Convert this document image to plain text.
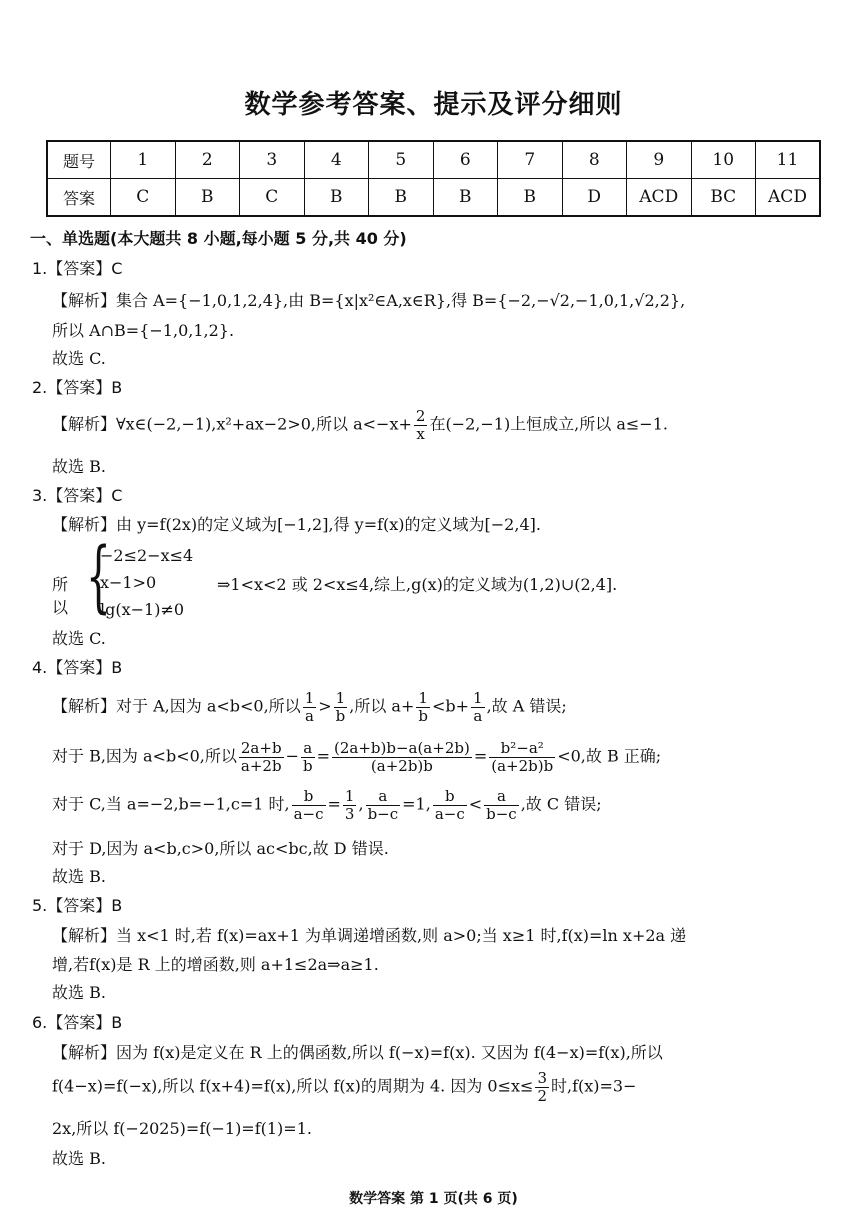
数学参考答案、提示及评分细则
题号	1	2	3	4	5	6	7	8	9	10	11
答案	C	B	C	B	B	B	B	D	ACD	BC	ACD
一、单选题(本大题共 8 小题,每小题 5 分,共 40 分)
1.【答案】C
【解析】集合 A={−1,0,1,2,4},由 B={x|x²∈A,x∈R},得 B={−2,−√2,−1,0,1,√2,2},
所以 A∩B={−1,0,1,2}.
故选 C.
2.【答案】B
【解析】∀x∈(−2,−1),x²+ax−2>0,所以 $a<-x+ \frac{2}{x}$ 在(−2,−1)上恒成立,所以 a≤−1.
故选 B.
3.【答案】C
【解析】由 y=f(2x)的定义域为[−1,2],得 y=f(x)的定义域为[−2,4].
所以 {
−2≤2−x≤4
x−1>0
lg(x−1)≠0
⇒1<x<2 或 2<x≤4,综上,g(x)的定义域为(1,2)∪(2,4].
故选 C.
4.【答案】B
【解析】对于 A,因为 a<b<0,所以 $\frac{1}{a} > \frac{1}{b}$ ,所以 $a+ \frac{1}{b} <b+ \frac{1}{a}$ ,故 A 错误;
对于 B,因为 a<b<0,所以 $\frac{2a+b}{a+2b} - \frac{a}{b} = \frac{(2a+b)b-a(a+2b)}{(a+2b)b} = \frac{\text{b²−a²}}{(a+2b)b} <0$,故 B 正确;
对于 C,当 a=−2,b=−1,c=1 时, $\frac{b}{a-c} = \frac{1}{3}$ , $\frac{a}{b-c} =1$, $\frac{b}{a-c} < \frac{a}{b-c}$ ,故 C 错误;
对于 D,因为 a<b,c>0,所以 ac<bc,故 D 错误.
故选 B.
5.【答案】B
【解析】当 x<1 时,若 f(x)=ax+1 为单调递增函数,则 a>0;当 x≥1 时,f(x)=ln x+2a 递
增,若f(x)是 R 上的增函数,则 a+1≤2a⇒a≥1.
故选 B.
6.【答案】B
【解析】因为 f(x)是定义在 R 上的偶函数,所以 f(−x)=f(x). 又因为 f(4−x)=f(x),所以
f(4−x)=f(−x),所以 f(x+4)=f(x),所以 f(x)的周期为 4. 因为 $0\le x\le \frac{3}{2}$ 时,f(x)=3−
2x,所以 f(−2025)=f(−1)=f(1)=1.
故选 B.
数学答案 第 1 页(共 6 页)
